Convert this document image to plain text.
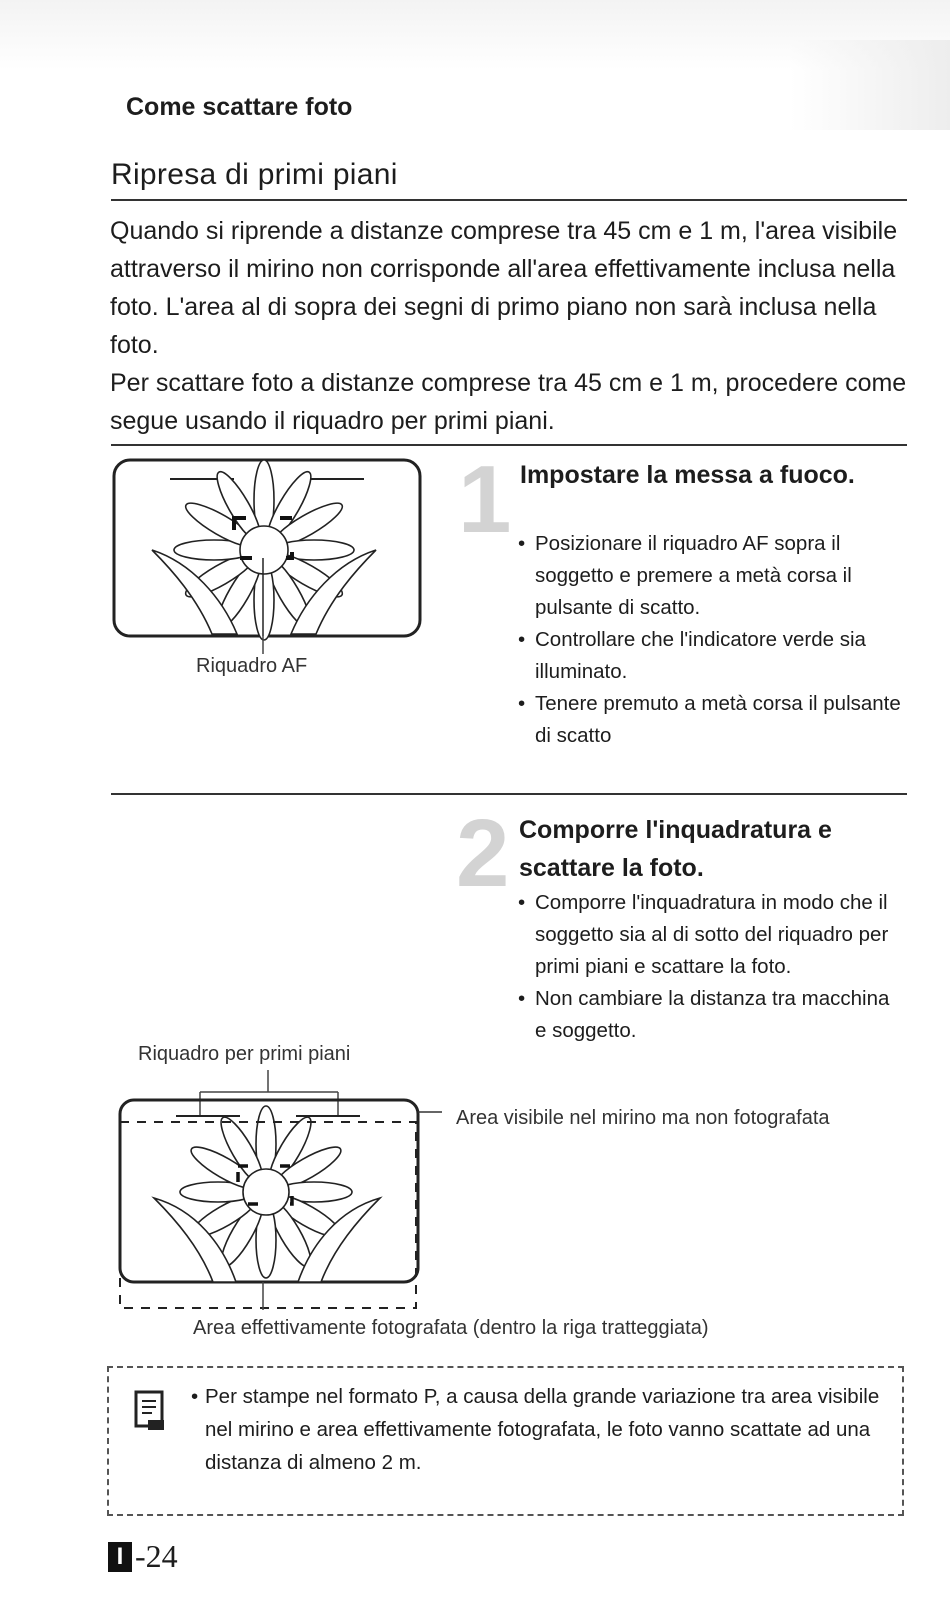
Come scattare foto
Ripresa di primi piani

Quando si riprende a distanze comprese tra 45 cm e 1 m, l'area visibile attraverso il mirino non corrisponde all'area effettivamente inclusa nella foto. L'area al di sopra dei segni di primo piano non sarà inclusa nella foto.

Per scattare foto a distanze comprese tra 45 cm e 1 m, procedere come segue usando il riquadro per primi piani.

Riquadro AF
1 Impostare la messa a fuoco.
• Posizionare il riquadro AF sopra il soggetto e premere a metà corsa il pulsante di scatto.
• Controllare che l'indicatore verde sia illuminato.
• Tenere premuto a metà corsa il pulsante di scatto
2 Comporre l'inquadratura e scattare la foto.
• Comporre l'inquadratura in modo che il soggetto sia al di sotto del riquadro per primi piani e scattare la foto.
• Non cambiare la distanza tra macchina e soggetto.
Riquadro per primi piani
Area visibile nel mirino ma non fotografata
Area effettivamente fotografata (dentro la riga tratteggiata)
• Per stampe nel formato P, a causa della grande variazione tra area visibile nel mirino e area effettivamente fotografata, le foto vanno scattate ad una distanza di almeno 2 m.
I -24
